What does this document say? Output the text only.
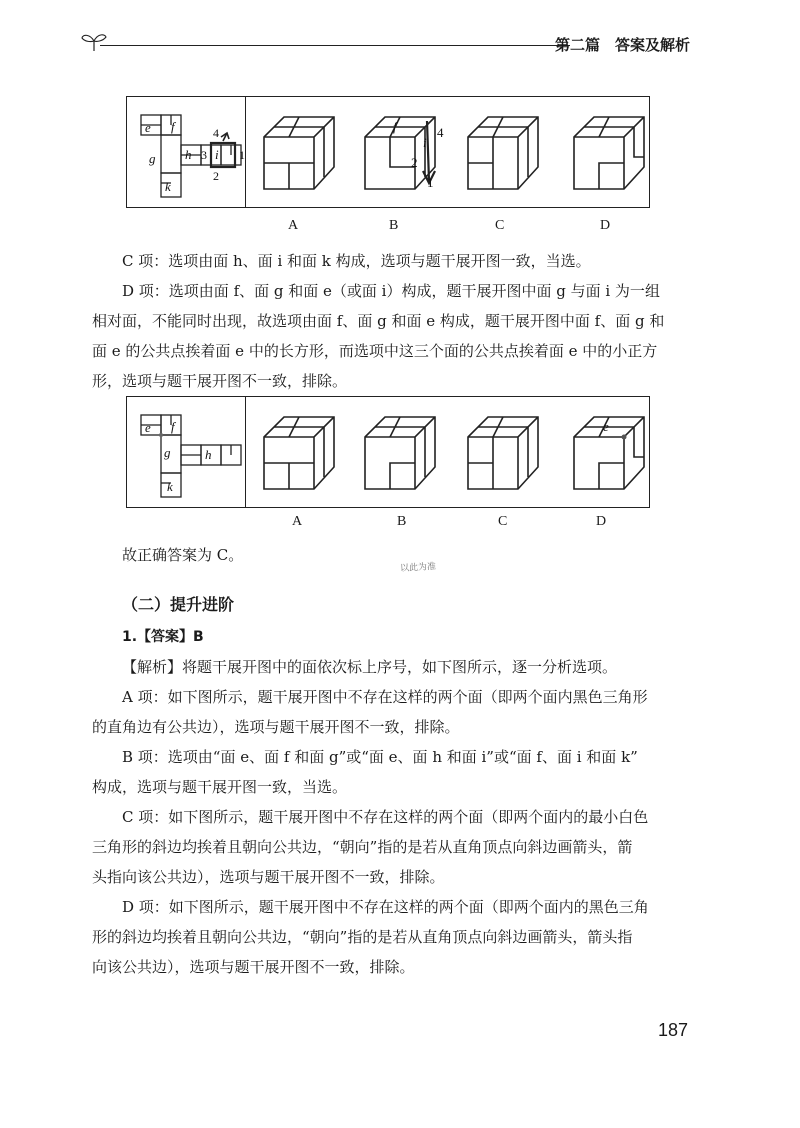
第二篇　答案及解析
e f
g h i
k
1
2
3
4	f
i
2
4
1
A	B	C	D

C 项：选项由面 h、面 i 和面 k 构成，选项与题干展开图一致，当选。

D 项：选项由面 f、面 g 和面 e（或面 i）构成，题干展开图中面 g 与面 i 为一组

相对面，不能同时出现，故选项由面 f、面 g 和面 e 构成，题干展开图中面 f、面 g 和

面 e 的公共点挨着面 e 中的长方形，而选项中这三个面的公共点挨着面 e 中的小正方

形，选项与题干展开图不一致，排除。

e f
g	h
k
e
A	B	C	D

故正确答案为 C。

以此为准
（二）提升进阶

1.【答案】B

【解析】将题干展开图中的面依次标上序号，如下图所示，逐一分析选项。

A 项：如下图所示，题干展开图中不存在这样的两个面（即两个面内黑色三角形

的直角边有公共边），选项与题干展开图不一致，排除。

B 项：选项由“面 e、面 f 和面 g”或“面 e、面 h 和面 i”或“面 f、面 i 和面 k”

构成，选项与题干展开图一致，当选。

C 项：如下图所示，题干展开图中不存在这样的两个面（即两个面内的最小白色

三角形的斜边均挨着且朝向公共边，“朝向”指的是若从直角顶点向斜边画箭头，箭

头指向该公共边），选项与题干展开图不一致，排除。

D 项：如下图所示，题干展开图中不存在这样的两个面（即两个面内的黑色三角

形的斜边均挨着且朝向公共边，“朝向”指的是若从直角顶点向斜边画箭头，箭头指

向该公共边），选项与题干展开图不一致，排除。

187
